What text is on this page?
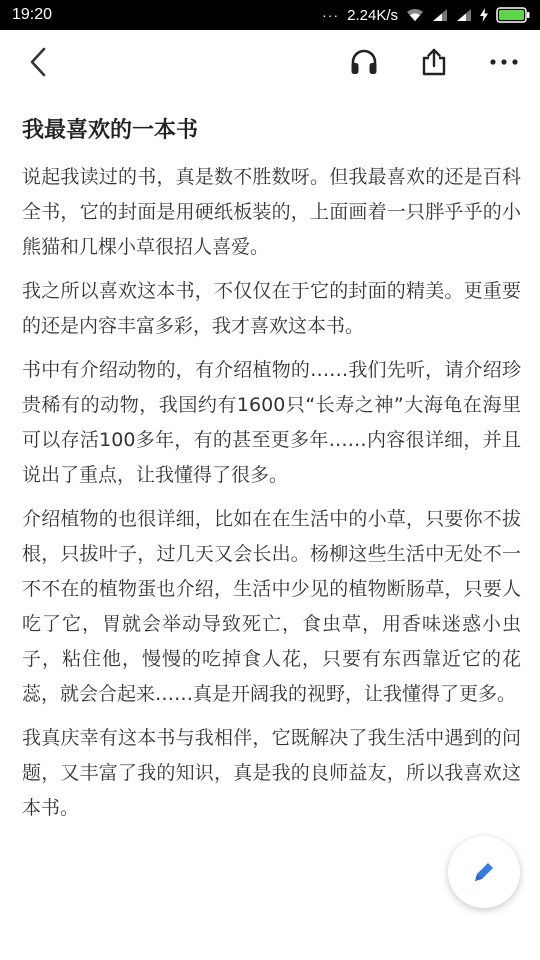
19:20	··· 2.24K/s
我最喜欢的一本书

说起我读过的书，真是数不胜数呀。但我最喜欢的还是百科全书，它的封面是用硬纸板装的，上面画着一只胖乎乎的小熊猫和几棵小草很招人喜爱。

我之所以喜欢这本书，不仅仅在于它的封面的精美。更重要的还是内容丰富多彩，我才喜欢这本书。

书中有介绍动物的，有介绍植物的……我们先听，请介绍珍贵稀有的动物，我国约有1600只“长寿之神”大海龟在海里可以存活100多年，有的甚至更多年……内容很详细，并且说出了重点，让我懂得了很多。

介绍植物的也很详细，比如在在生活中的小草，只要你不拔根，只拔叶子，过几天又会长出。杨柳这些生活中无处不一不不在的植物蛋也介绍，生活中少见的植物断肠草，只要人吃了它，胃就会举动导致死亡，食虫草，用香味迷惑小虫子，粘住他，慢慢的吃掉食人花，只要有东西靠近它的花蕊，就会合起来……真是开阔我的视野，让我懂得了更多。

我真庆幸有这本书与我相伴，它既解决了我生活中遇到的问题，又丰富了我的知识，真是我的良师益友，所以我喜欢这本书。
